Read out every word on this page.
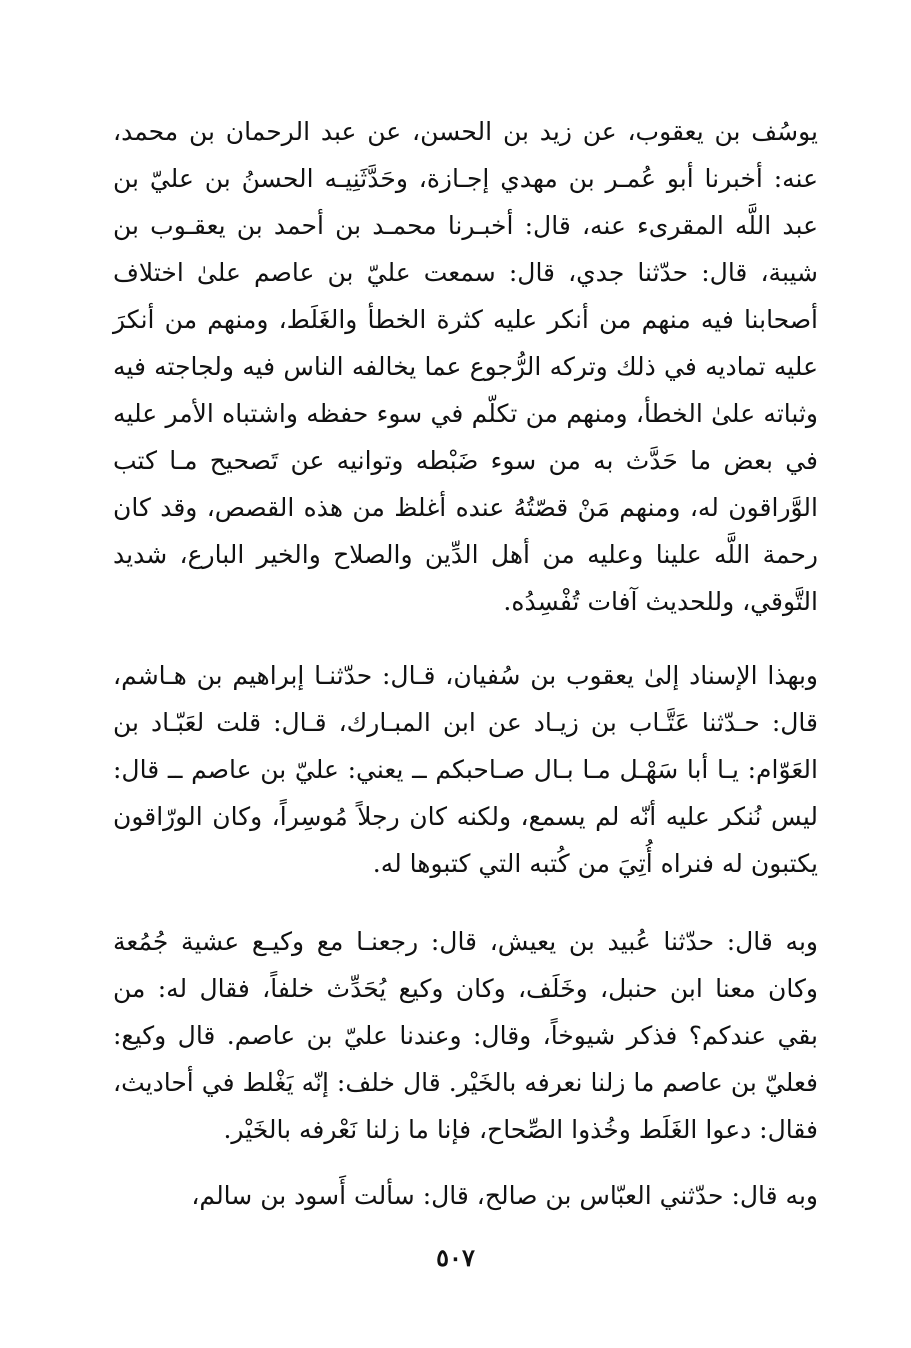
يوسُف بن يعقوب، عن زيد بن الحسن، عن عبد الرحمان بن محمد، عنه: أخبرنا أبو عُمـر بن مهدي إجـازة، وحَدَّثَنِيـه الحسنُ بن عليّ بن عبد اللَّه المقرىء عنه، قال: أخبـرنا محمـد بن أحمد بن يعقـوب بن شيبة، قال: حدّثنا جدي، قال: سمعت عليّ بن عاصم علىٰ اختلاف أصحابنا فيه منهم من أنكر عليه كثرة الخطأ والغَلَط، ومنهم من أنكرَ عليه تماديه في ذلك وتركه الرُّجوع عما يخالفه الناس فيه ولجاجته فيه وثباته علىٰ الخطأ، ومنهم من تكلّم في سوء حفظه واشتباه الأمر عليه في بعض ما حَدَّث به من سوء ضَبْطه وتوانيه عن تَصحيح مـا كتب الوَّراقون له، ومنهم مَنْ قصّتُهُ عنده أغلظ من هذه القصص، وقد كان رحمة اللَّه علينا وعليه من أهل الدِّين والصلاح والخير البارع، شديد التَّوقي، وللحديث آفات تُفْسِدُه.

وبهذا الإسناد إلىٰ يعقوب بن سُفيان، قـال: حدّثنـا إبراهيم بن هـاشم، قال: حـدّثنا عَتَّـاب بن زيـاد عن ابن المبـارك، قـال: قلت لعَبّـاد بن العَوّام: يـا أبا سَهْـل مـا بـال صـاحبكم ــ يعني: عليّ بن عاصم ــ قال: ليس نُنكر عليه أنّه لم يسمع، ولكنه كان رجلاً مُوسِراً، وكان الورّاقون يكتبون له فنراه أُتِيَ من كُتبه التي كتبوها له.

وبه قال: حدّثنا عُبيد بن يعيش، قال: رجعنـا مع وكيـع عشية جُمُعة وكان معنا ابن حنبل، وخَلَف، وكان وكيع يُحَدِّث خلفاً، فقال له: من بقي عندكم؟ فذكر شيوخاً، وقال: وعندنا عليّ بن عاصم. قال وكيع: فعليّ بن عاصم ما زلنا نعرفه بالخَيْر. قال خلف: إنّه يَغْلط في أحاديث، فقال: دعوا الغَلَط وخُذوا الصِّحاح، فإنا ما زلنا نَعْرفه بالخَيْر.

وبه قال: حدّثني العبّاس بن صالح، قال: سألت أَسود بن سالم،

٥٠٧
